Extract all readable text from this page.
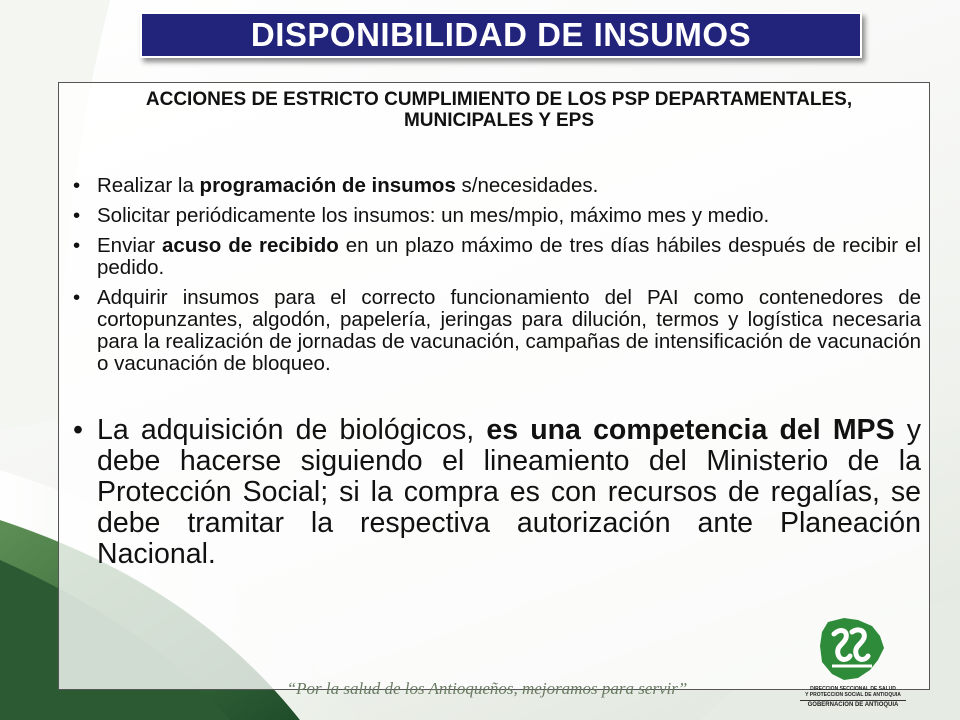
DISPONIBILIDAD DE INSUMOS
ACCIONES DE ESTRICTO CUMPLIMIENTO DE LOS PSP DEPARTAMENTALES, MUNICIPALES Y EPS
• Realizar la programación de insumos s/necesidades.
• Solicitar periódicamente los insumos: un mes/mpio, máximo mes y medio.
• Enviar acuso de recibido en un plazo máximo de tres días hábiles después de recibir el pedido.
• Adquirir insumos para el correcto funcionamiento del PAI como contenedores de cortopunzantes, algodón, papelería, jeringas para dilución, termos y logística necesaria para la realización de jornadas de vacunación, campañas de intensificación de vacunación o vacunación de bloqueo.
• La adquisición de biológicos, es una competencia del MPS y debe hacerse siguiendo el lineamiento del Ministerio de la Protección Social; si la compra es con recursos de regalías, se debe tramitar la respectiva autorización ante Planeación Nacional.
“Por la salud de los Antioqueños, mejoramos para servir”	DIRECCION SECCIONAL DE SALUD
Y PROTECCION SOCIAL DE ANTIOQUIA
GOBERNACION DE ANTIOQUIA
